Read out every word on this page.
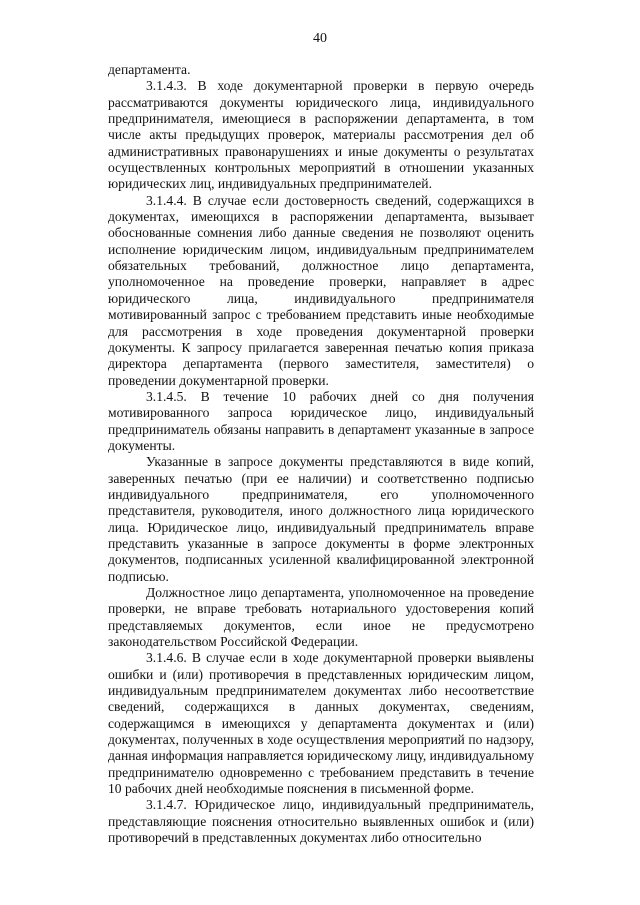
40

департамента.

3.1.4.3. В ходе документарной проверки в первую очередь рассматриваются документы юридического лица, индивидуального предпринимателя, имеющиеся в распоряжении департамента, в том числе акты предыдущих проверок, материалы рассмотрения дел об административных правонарушениях и иные документы о результатах осуществленных контрольных мероприятий в отношении указанных юридических лиц, индивидуальных предпринимателей.

3.1.4.4. В случае если достоверность сведений, содержащихся в документах, имеющихся в распоряжении департамента, вызывает обоснованные сомнения либо данные сведения не позволяют оценить исполнение юридическим лицом, индивидуальным предпринимателем обязательных требований, должностное лицо департамента, уполномоченное на проведение проверки, направляет в адрес юридического лица, индивидуального предпринимателя мотивированный запрос с требованием представить иные необходимые для рассмотрения в ходе проведения документарной проверки документы. К запросу прилагается заверенная печатью копия приказа директора департамента (первого заместителя, заместителя) о проведении документарной проверки.

3.1.4.5. В течение 10 рабочих дней со дня получения мотивированного запроса юридическое лицо, индивидуальный предприниматель обязаны направить в департамент указанные в запросе документы.

Указанные в запросе документы представляются в виде копий, заверенных печатью (при ее наличии) и соответственно подписью индивидуального предпринимателя, его уполномоченного представителя, руководителя, иного должностного лица юридического лица. Юридическое лицо, индивидуальный предприниматель вправе представить указанные в запросе документы в форме электронных документов, подписанных усиленной квалифицированной электронной подписью.

Должностное лицо департамента, уполномоченное на проведение проверки, не вправе требовать нотариального удостоверения копий представляемых документов, если иное не предусмотрено законодательством Российской Федерации.

3.1.4.6. В случае если в ходе документарной проверки выявлены ошибки и (или) противоречия в представленных юридическим лицом, индивидуальным предпринимателем документах либо несоответствие сведений, содержащихся в данных документах, сведениям, содержащимся в имеющихся у департамента документах и (или) документах, полученных в ходе осуществления мероприятий по надзору, данная информация направляется юридическому лицу, индивидуальному предпринимателю одновременно с требованием представить в течение 10 рабочих дней необходимые пояснения в письменной форме.

3.1.4.7. Юридическое лицо, индивидуальный предприниматель, представляющие пояснения относительно выявленных ошибок и (или) противоречий в представленных документах либо относительно
